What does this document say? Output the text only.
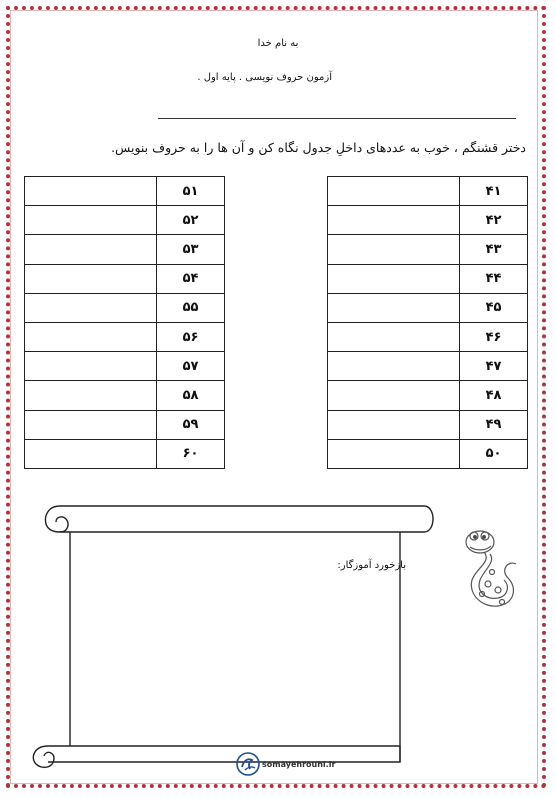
به نام خدا
آزمون حروف نویسی . پایه اول .
دختر قشنگم ، خوب به عددهای داخلِ جدول نگاه کن و آن ها را به حروف بنویس.
	۵۱
	۵۲
	۵۳
	۵۴
	۵۵
	۵۶
	۵۷
	۵۸
	۵۹
	۶۰
	۴۱
	۴۲
	۴۳
	۴۴
	۴۵
	۴۶
	۴۷
	۴۸
	۴۹
	۵۰
بازخورد آموزگار:
somayehrouhi.ir
